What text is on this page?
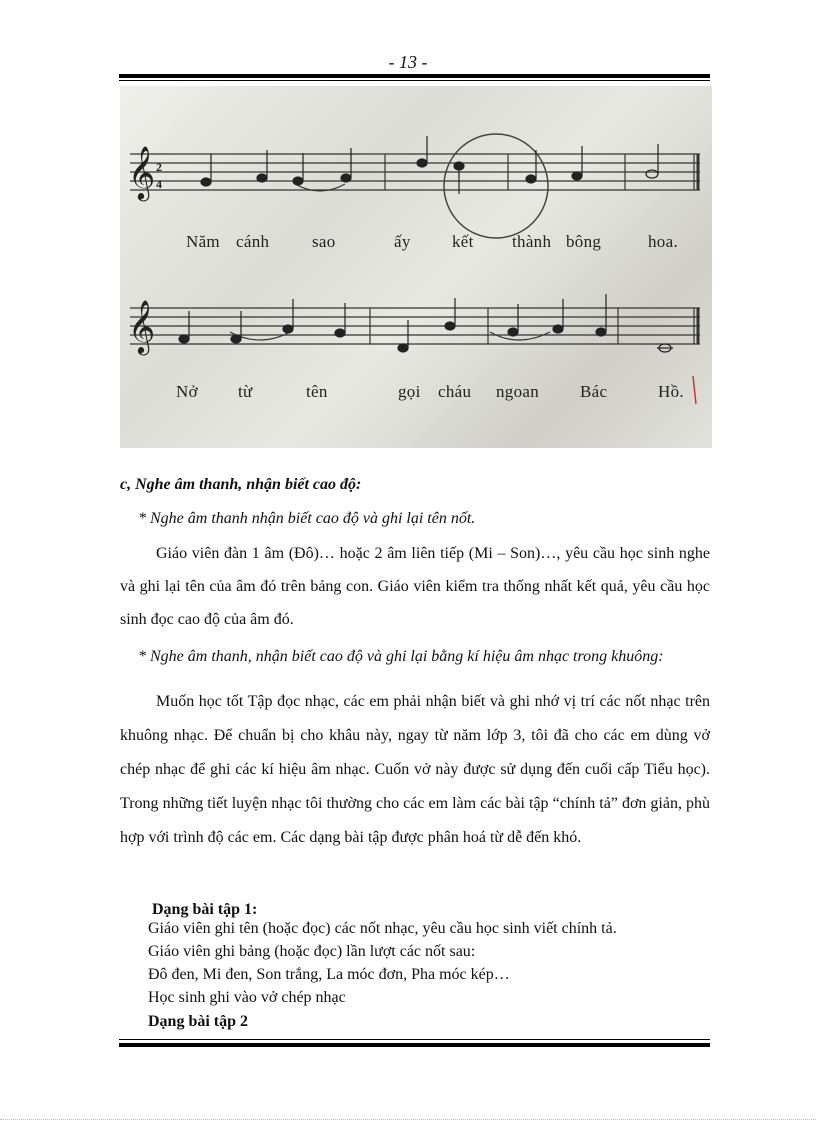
- 13 -
𝄞
𝄞
2
4
Năm cánh	sao	ấy kết thành bông	hoa.
Nở từ	tên	gọi cháu ngoan Bác	Hồ.
c, Nghe âm thanh, nhận biết cao độ:
* Nghe âm thanh nhận biết cao độ và ghi lại tên nốt.
Giáo viên đàn 1 âm (Đô)… hoặc 2 âm liên tiếp (Mi – Son)…, yêu cầu học sinh nghe và ghi lại tên của âm đó trên bảng con. Giáo viên kiểm tra thống nhất kết quả, yêu cầu học sinh đọc cao độ của âm đó.
* Nghe âm thanh, nhận biết cao độ và ghi lại bằng kí hiệu âm nhạc trong khuông:
Muốn học tốt Tập đọc nhạc, các em phải nhận biết và ghi nhớ vị trí các nốt nhạc trên khuông nhạc. Để chuẩn bị cho khâu này, ngay từ năm lớp 3, tôi đã cho các em dùng vở chép nhạc để ghi các kí hiệu âm nhạc. Cuốn vở này được sử dụng đến cuối cấp Tiểu học). Trong những tiết luyện nhạc tôi thường cho các em làm các bài tập “chính tả” đơn giản, phù hợp với trình độ các em. Các dạng bài tập được phân hoá từ dễ đến khó.
Dạng bài tập 1:
Giáo viên ghi tên (hoặc đọc) các nốt nhạc, yêu cầu học sinh viết chính tả.
Giáo viên ghi bảng (hoặc đọc) lần lượt các nốt sau:
Đô đen, Mi đen, Son trắng, La móc đơn, Pha móc kép…
Học sinh ghi vào vở chép nhạc
Dạng bài tập 2
